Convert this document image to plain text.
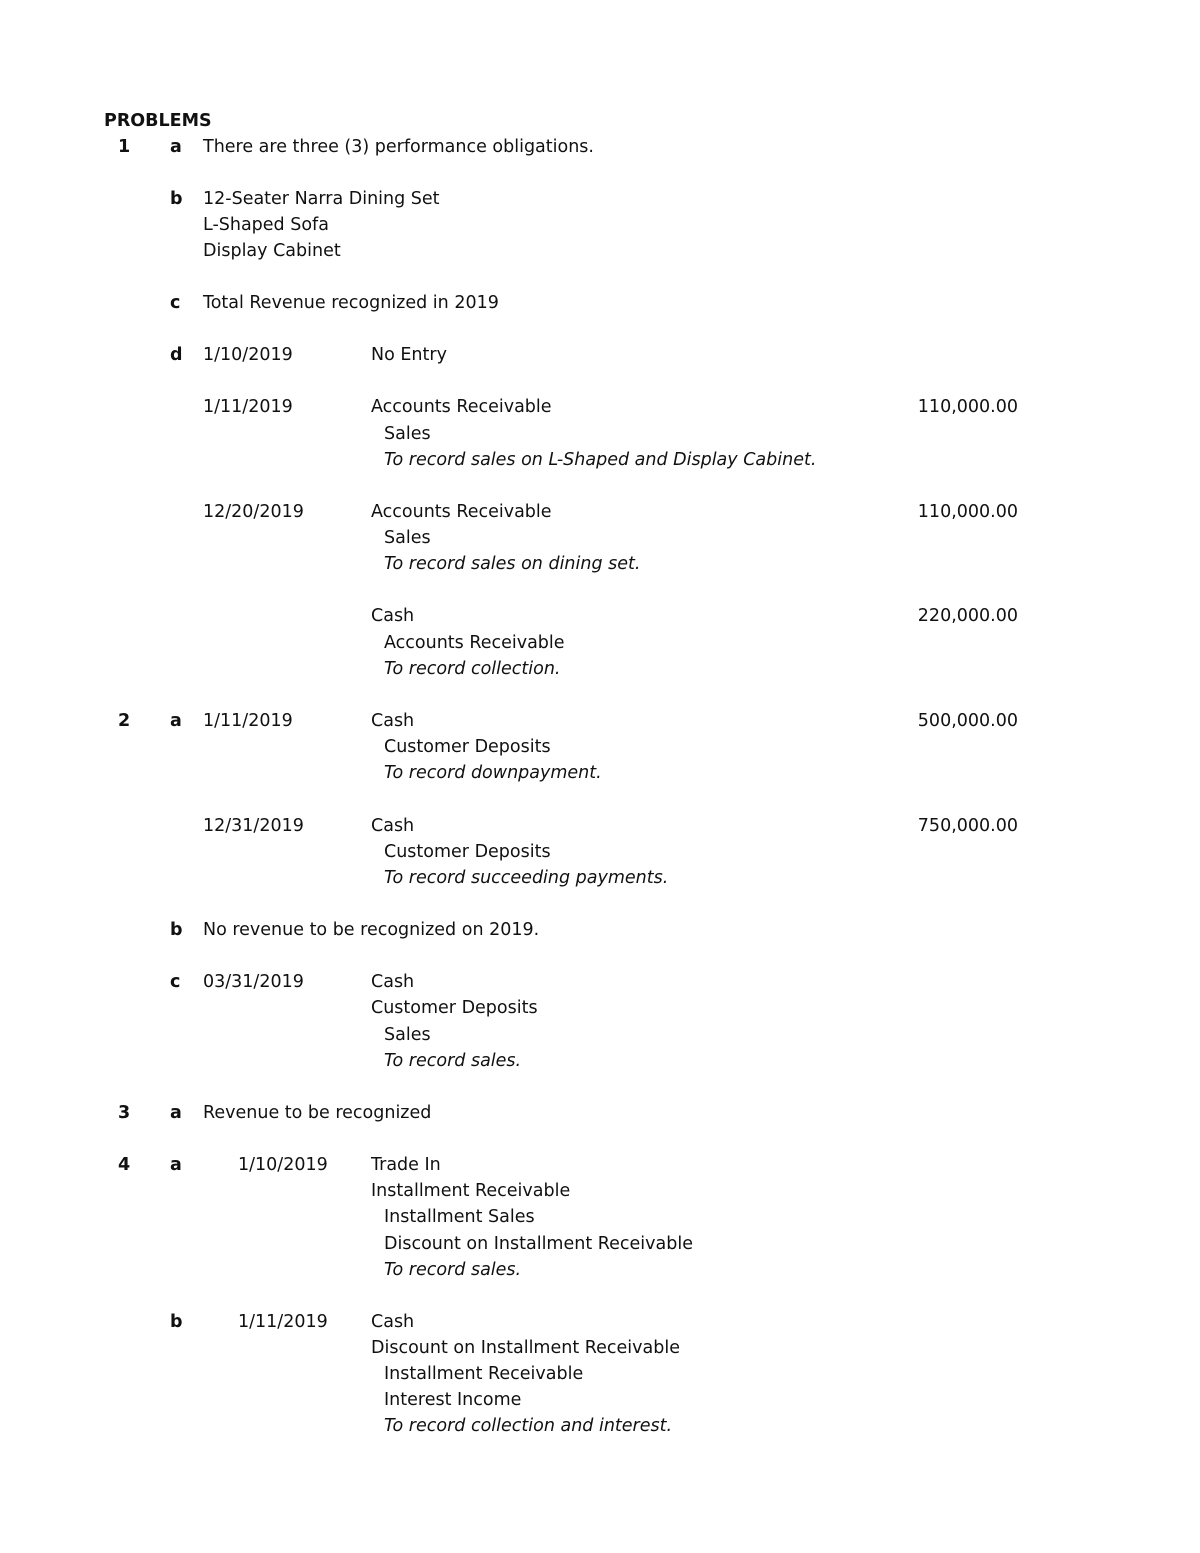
PROBLEMS
1 a There are three (3) performance obligations.
b 12-Seater Narra Dining Set
L-Shaped Sofa
Display Cabinet
c Total Revenue recognized in 2019
d 1/10/2019	No Entry
1/11/2019	Accounts Receivable	110,000.00
Sales
To record sales on L-Shaped and Display Cabinet.
12/20/2019	Accounts Receivable	110,000.00
Sales
To record sales on dining set.
Cash	220,000.00
Accounts Receivable
To record collection.
2 a 1/11/2019	Cash	500,000.00
Customer Deposits
To record downpayment.
12/31/2019	Cash	750,000.00
Customer Deposits
To record succeeding payments.
b No revenue to be recognized on 2019.
c 03/31/2019	Cash
Customer Deposits
Sales
To record sales.
3 a Revenue to be recognized
4 a	1/10/2019 Trade In
Installment Receivable
Installment Sales
Discount on Installment Receivable
To record sales.
b	1/11/2019 Cash
Discount on Installment Receivable
Installment Receivable
Interest Income
To record collection and interest.
